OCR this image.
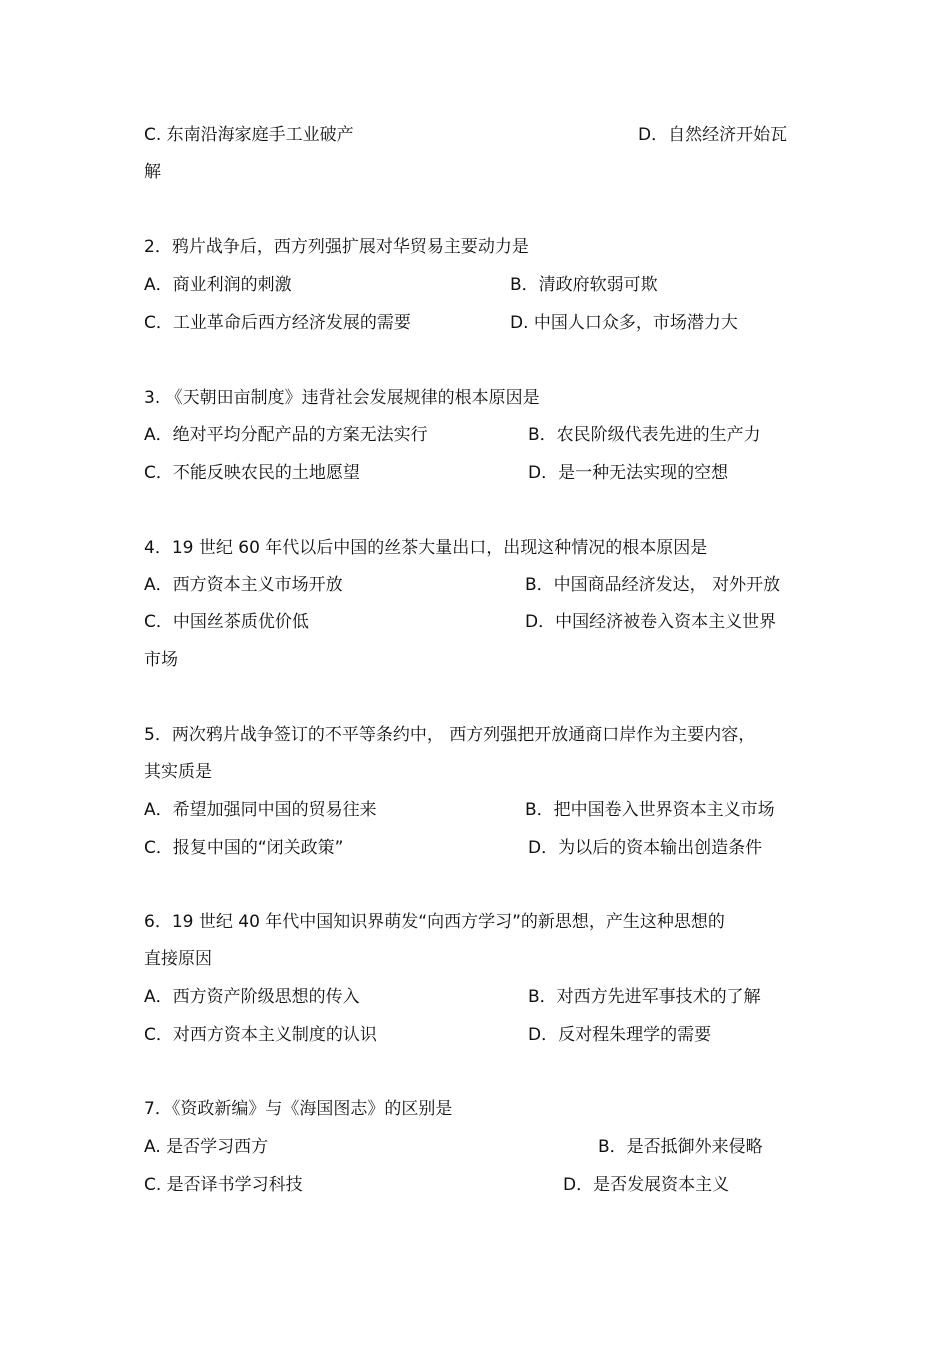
C. 东南沿海家庭手工业破产	D．自然经济开始瓦
解
2．鸦片战争后，西方列强扩展对华贸易主要动力是
A．商业利润的刺激	B．清政府软弱可欺
C．工业革命后西方经济发展的需要	D. 中国人口众多，市场潜力大
3. 《天朝田亩制度》违背社会发展规律的根本原因是
A．绝对平均分配产品的方案无法实行	B．农民阶级代表先进的生产力
C．不能反映农民的土地愿望	D．是一种无法实现的空想
4．19 世纪 60 年代以后中国的丝茶大量出口，出现这种情况的根本原因是
A．西方资本主义市场开放	B．中国商品经济发达， 对外开放
C．中国丝茶质优价低	D．中国经济被卷入资本主义世界
市场
5．两次鸦片战争签订的不平等条约中， 西方列强把开放通商口岸作为主要内容，
其实质是
A．希望加强同中国的贸易往来	B．把中国卷入世界资本主义市场
C．报复中国的“闭关政策”	D．为以后的资本输出创造条件
6．19 世纪 40 年代中国知识界萌发“向西方学习”的新思想，产生这种思想的
直接原因
A．西方资产阶级思想的传入	B．对西方先进军事技术的了解
C．对西方资本主义制度的认识	D．反对程朱理学的需要
7．《资政新编》与《海国图志》的区别是
A. 是否学习西方	B．是否抵御外来侵略
C. 是否译书学习科技	D．是否发展资本主义
